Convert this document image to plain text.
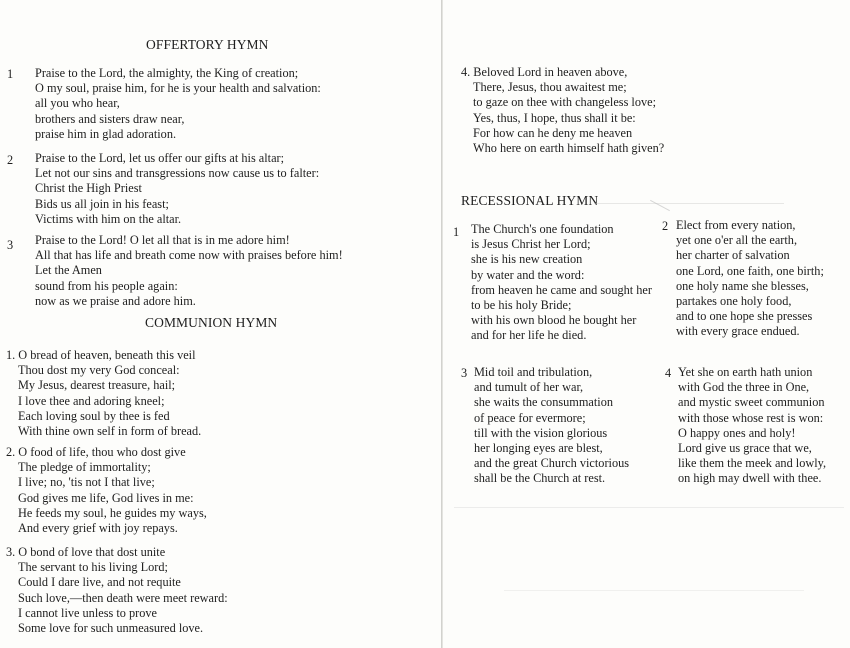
OFFERTORY HYMN
1 Praise to the Lord, the almighty, the King of creation;
O my soul, praise him, for he is your health and salvation:
all you who hear,
brothers and sisters draw near,
praise him in glad adoration.
2 Praise to the Lord, let us offer our gifts at his altar;
Let not our sins and transgressions now cause us to falter:
Christ the High Priest
Bids us all join in his feast;
Victims with him on the altar.
3 Praise to the Lord! O let all that is in me adore him!
All that has life and breath come now with praises before him!
Let the Amen
sound from his people again:
now as we praise and adore him.
COMMUNION HYMN
1. O bread of heaven, beneath this veil
Thou dost my very God conceal:
My Jesus, dearest treasure, hail;
I love thee and adoring kneel;
Each loving soul by thee is fed
With thine own self in form of bread.
2. O food of life, thou who dost give
The pledge of immortality;
I live; no, 'tis not I that live;
God gives me life, God lives in me:
He feeds my soul, he guides my ways,
And every grief with joy repays.
3. O bond of love that dost unite
The servant to his living Lord;
Could I dare live, and not requite
Such love,—then death were meet reward:
I cannot live unless to prove
Some love for such unmeasured love.
4. Beloved Lord in heaven above,
There, Jesus, thou awaitest me;
to gaze on thee with changeless love;
Yes, thus, I hope, thus shall it be:
For how can he deny me heaven
Who here on earth himself hath given?
RECESSIONAL HYMN
1 The Church's one foundation
is Jesus Christ her Lord;
she is his new creation
by water and the word:
from heaven he came and sought her
to be his holy Bride;
with his own blood he bought her
and for her life he died.
2 Elect from every nation,
yet one o'er all the earth,
her charter of salvation
one Lord, one faith, one birth;
one holy name she blesses,
partakes one holy food,
and to one hope she presses
with every grace endued.
3 Mid toil and tribulation,
and tumult of her war,
she waits the consummation
of peace for evermore;
till with the vision glorious
her longing eyes are blest,
and the great Church victorious
shall be the Church at rest.
4 Yet she on earth hath union
with God the three in One,
and mystic sweet communion
with those whose rest is won:
O happy ones and holy!
Lord give us grace that we,
like them the meek and lowly,
on high may dwell with thee.
